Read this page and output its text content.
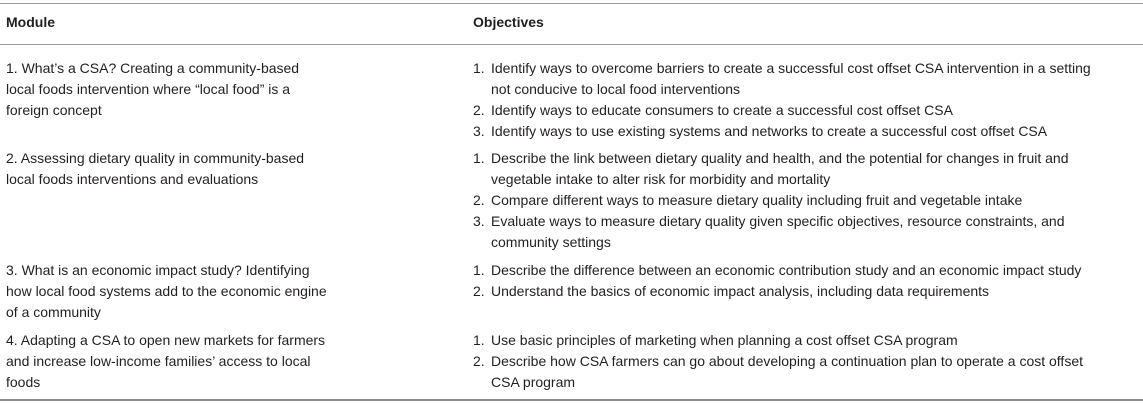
Module	Objectives
1. What’s a CSA? Creating a community-based
local foods intervention where “local food” is a
foreign concept
1. Identify ways to overcome barriers to create a successful cost offset CSA intervention in a setting
not conducive to local food interventions
2. Identify ways to educate consumers to create a successful cost offset CSA
3. Identify ways to use existing systems and networks to create a successful cost offset CSA
2. Assessing dietary quality in community-based
local foods interventions and evaluations
1. Describe the link between dietary quality and health, and the potential for changes in fruit and
vegetable intake to alter risk for morbidity and mortality
2. Compare different ways to measure dietary quality including fruit and vegetable intake
3. Evaluate ways to measure dietary quality given specific objectives, resource constraints, and
community settings
3. What is an economic impact study? Identifying
how local food systems add to the economic engine
of a community
1. Describe the difference between an economic contribution study and an economic impact study
2. Understand the basics of economic impact analysis, including data requirements
4. Adapting a CSA to open new markets for farmers
and increase low-income families’ access to local
foods
1. Use basic principles of marketing when planning a cost offset CSA program
2. Describe how CSA farmers can go about developing a continuation plan to operate a cost offset
CSA program
